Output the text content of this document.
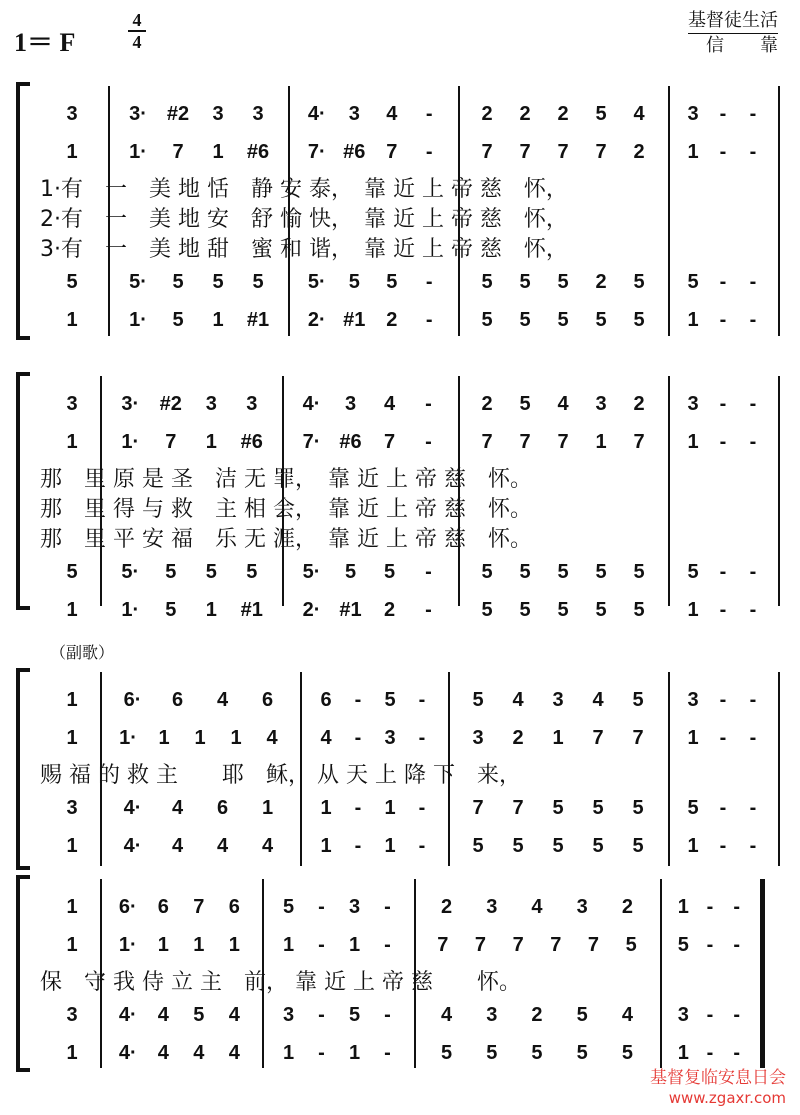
1＝ F
4
4
基督徒生活
信　　靠
（副歌）
3	3· #2	3	3	4·	3	4	-	2	2	2	5	4	3	-	-
1	1·	7	1	#6	7· #6	7	-	7	7	7	7	2	1	-	-
5	5·	5	5	5	5·	5	5	-	5	5	5	2	5	5	-	-
1	1·	5	1	#1	2· #1	2	-	5	5	5	5	5	1	-	-
1·有　一　美 地 恬　静 安 泰，　靠 近 上 帝 慈　怀，
2·有　一　美 地 安　舒 愉 快，　靠 近 上 帝 慈　怀，
3·有　一　美 地 甜　蜜 和 谐，　靠 近 上 帝 慈　怀，
3	3·	#2	3	3	4·	3	4	-	2	5	4	3	2	3	-	-
1	1·	7	1	#6	7· #6	7	-	7	7	7	1	7	1	-	-
5	5·	5	5	5	5·	5	5	-	5	5	5	5	5	5	-	-
1	1·	5	1	#1	2· #1	2	-	5	5	5	5	5	1	-	-
那　里 原 是 圣　洁 无 罪，　靠 近 上 帝 慈　怀。
那　里 得 与 救　主 相 会，　靠 近 上 帝 慈　怀。
那　里 平 安 福　乐 无 涯，　靠 近 上 帝 慈　怀。
1	6·	6	4	6	6	-	5	-	5	4	3	4	5	3	-	-
1	1·	1	1	1	4	4	-	3	-	3	2	1	7	7	1	-	-
3	4·	4	6	1	1	-	1	-	7	7	5	5	5	5	-	-
1	4·	4	4	4	1	-	1	-	5	5	5	5	5	1	-	-
赐 福 的 救 主　　耶　稣， 从 天 上 降 下　来，
1	6·	6	7	6	5	-	3	-	2	3	4	3	2	1 -	-
1	1·	1	1	1	1	-	1	-	7	7	7	7	7	5	5 -	-
3	4·	4	5	4	3	-	5	-	4	3	2	5	4	3 -	-
1	4·	4	4	4	1	-	1	-	5	5	5	5	5	1 -	-
保　守 我 侍 立 主　前， 靠 近 上 帝 慈　　怀。
基督复临安息日会
www.zgaxr.com
